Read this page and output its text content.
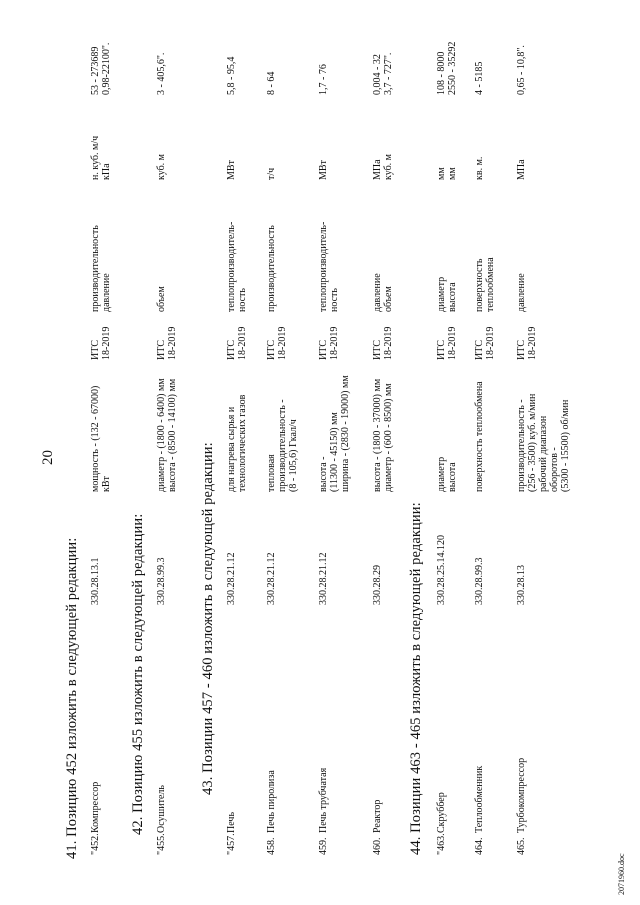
20
41. Позицию 452 изложить в следующей редакции: "452.
Компрессор
330.28.13.1
мощность - (132 - 67000) кВт
ИТС
18-2019
производительность
давление
н. куб. м/ч
кПа
53 - 273689
0,98-22100".
42. Позицию 455 изложить в следующей редакции:
"455.
Осушитель
330.28.99.3
диаметр - (1800 - 6400) мм
высота - (8500 - 14100) мм
ИТС
18-2019
объем
куб. м
3 - 405,6".
43. Позиции 457 - 460 изложить в следующей редакции:
"457.
Печь
330.28.21.12
для нагрева сырья и
технологических газов
ИТС
18-2019
теплопроизводитель-
ность
МВт
5,8 - 95,4
458.
Печь пиролиза
330.28.21.12
тепловая
производительность -
(8 - 105,6) Гкал/ч
ИТС
18-2019
производительность
т/ч
8 - 64
459.
Печь трубчатая
330.28.21.12
высота -
(11300 - 45150) мм
ширина - (2830 - 19000) мм
ИТС
18-2019
теплопроизводитель-
ность
МВт
1,7 - 76
460.
Реактор
330.28.29
высота - (1800 - 37000) мм
диаметр - (600 - 8500) мм
ИТС
18-2019
давление
объем
МПа
куб. м
0,004 - 32
3,7 - 727".
44. Позиции 463 - 465 изложить в следующей редакции: "463.
Скруббер
330.28.25.14.120
диаметр
высота
ИТС
18-2019
диаметр
высота
мм
мм
108 - 8000
2550 - 35292
464.
Теплообменник
330.28.99.3
поверхность теплообмена
ИТС
18-2019
поверхность
теплообмена
кв. м.
4 - 5185
465.
Турбокомпрессор
330.28.13
производительность -
(256 - 3500) куб. м/мин
рабочий диапазон
оборотов -
(5300 - 15500) об/мин
ИТС
18-2019
давление
МПа
0,65 - 10,8".
2071960.doc
